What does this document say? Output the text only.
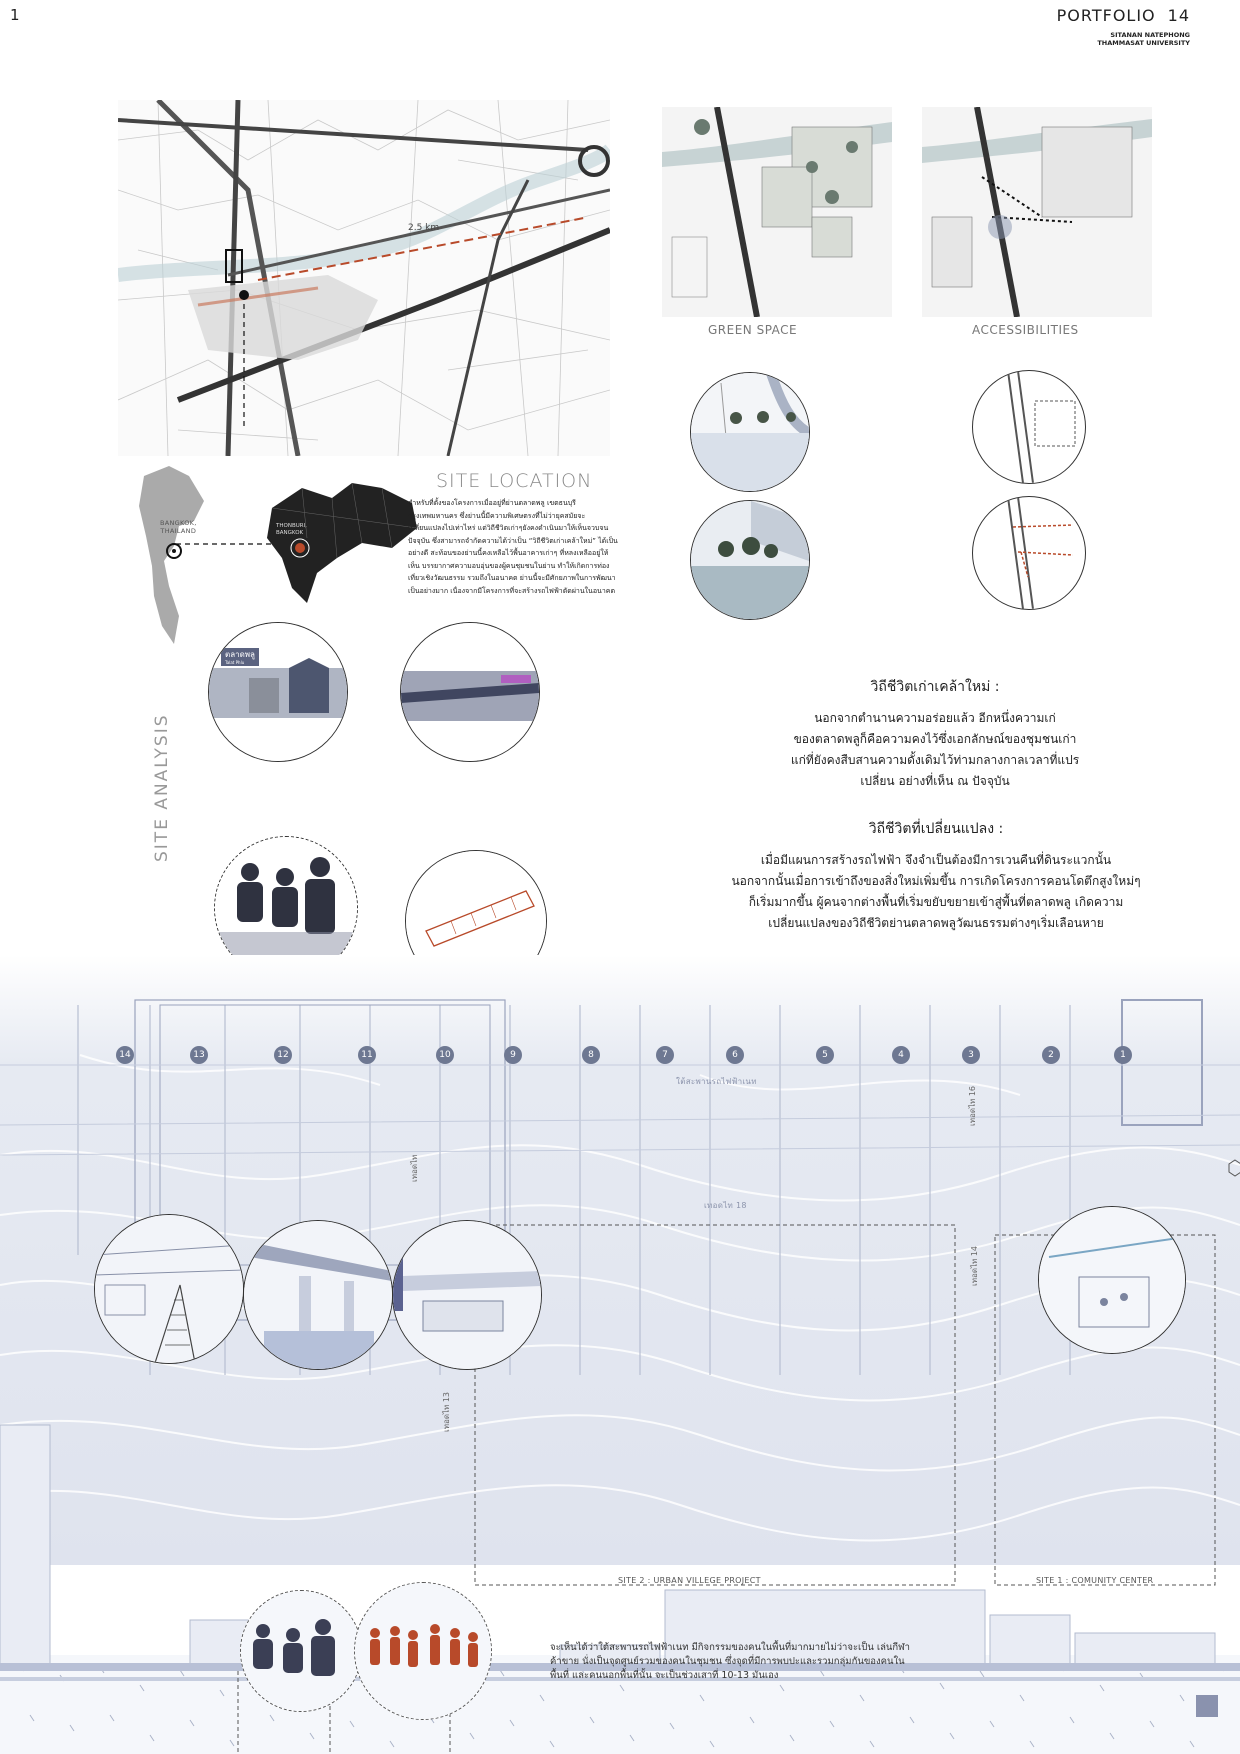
1	PORTFOLIO 14
SITANAN NATEPHONG
THAMMASAT UNIVERSITY
2.5 km
GREEN SPACE	ACCESSIBILITIES
BANGKOK,
THAILAND
THONBURI,
BANGKOK
SITE LOCATION
สำหรับที่ตั้งของโครงการเมื่ออยู่ที่ย่านตลาดพลู เขตธนบุรี กรุงเทพมหานคร ซึ่งย่านนี้มีความพิเศษตรงที่ไม่ว่ายุคสมัยจะเปลี่ยนแปลงไปเท่าไหร่ แต่วิถีชีวิตเก่าๆยังคงดำเนินมาให้เห็นจวบจนปัจจุบัน ซึ่งสามารถจำกัดความได้ว่าเป็น “วิถีชีวิตเก่าเคล้าใหม่” ได้เป็นอย่างดี สะท้อนของย่านนี้คงเหลือไว้พื้นอาคารเก่าๆ ที่หลงเหลืออยู่ให้เห็น บรรยากาศความอบอุ่นของผู้คนชุมชนในย่าน ทำให้เกิดการท่องเที่ยวเชิงวัฒนธรรม รวมถึงในอนาคต ย่านนี้จะมีศักยภาพในการพัฒนาเป็นอย่างมาก เนื่องจากมีโครงการที่จะสร้างรถไฟฟ้าตัดผ่านในอนาคต
ตลาดพลู
Talat Phlu
SITE ANALYSIS
วิถีชีวิตเก่าเคล้าใหม่ :
นอกจากตำนานความอร่อยแล้ว อีกหนึ่งความเก่
ของตลาดพลูก็คือความคงไว้ซึ่งเอกลักษณ์ของชุมชนเก่า
แก่ที่ยังคงสืบสานความดั้งเดิมไว้ท่ามกลางกาลเวลาที่แปร
เปลี่ยน อย่างที่เห็น ณ ปัจจุบัน
วิถีชีวิตที่เปลี่ยนแปลง :
เมื่อมีแผนการสร้างรถไฟฟ้า จึงจำเป็นต้องมีการเวนคืนที่ดินระแวกนั้น
นอกจากนั้นเมื่อการเข้าถึงของสิ่งใหม่เพิ่มขึ้น การเกิดโครงการคอนโดตึกสูงใหม่ๆ
ก็เริ่มมากขึ้น ผู้คนจากต่างพื้นที่เริ่มขยับขยายเข้าสู่พื้นที่ตลาดพลู เกิดความ
เปลี่ยนแปลงของวิถีชีวิตย่านตลาดพลูวัฒนธรรมต่างๆเริ่มเลือนหาย
14	13	12	11	10	9	8	7	6	5	4	3	2	1
ใต้สะพานรถไฟฟ้าเนท
เทอดไท 18
เทอดไท 16
เทอดไท
เทอดไท 13
เทอดไท 14
SITE 2 : URBAN VILLEGE PROJECT	SITE 1 : COMUNITY CENTER
จะเห็นได้ว่าใต้สะพานรถไฟฟ้าเนท มีกิจกรรมของคนในพื้นที่มากมายไม่ว่าจะเป็น เล่นกีฬา ค้าขาย นั่งเป็นจุดศูนย์รวมของคนในชุมชน ซึ่งจุดที่มีการพบปะและรวมกลุ่มกันของคนในพื้นที่ และคนนอกพื้นที่นั้น จะเป็นช่วงเสาที่ 10-13 มันเอง
